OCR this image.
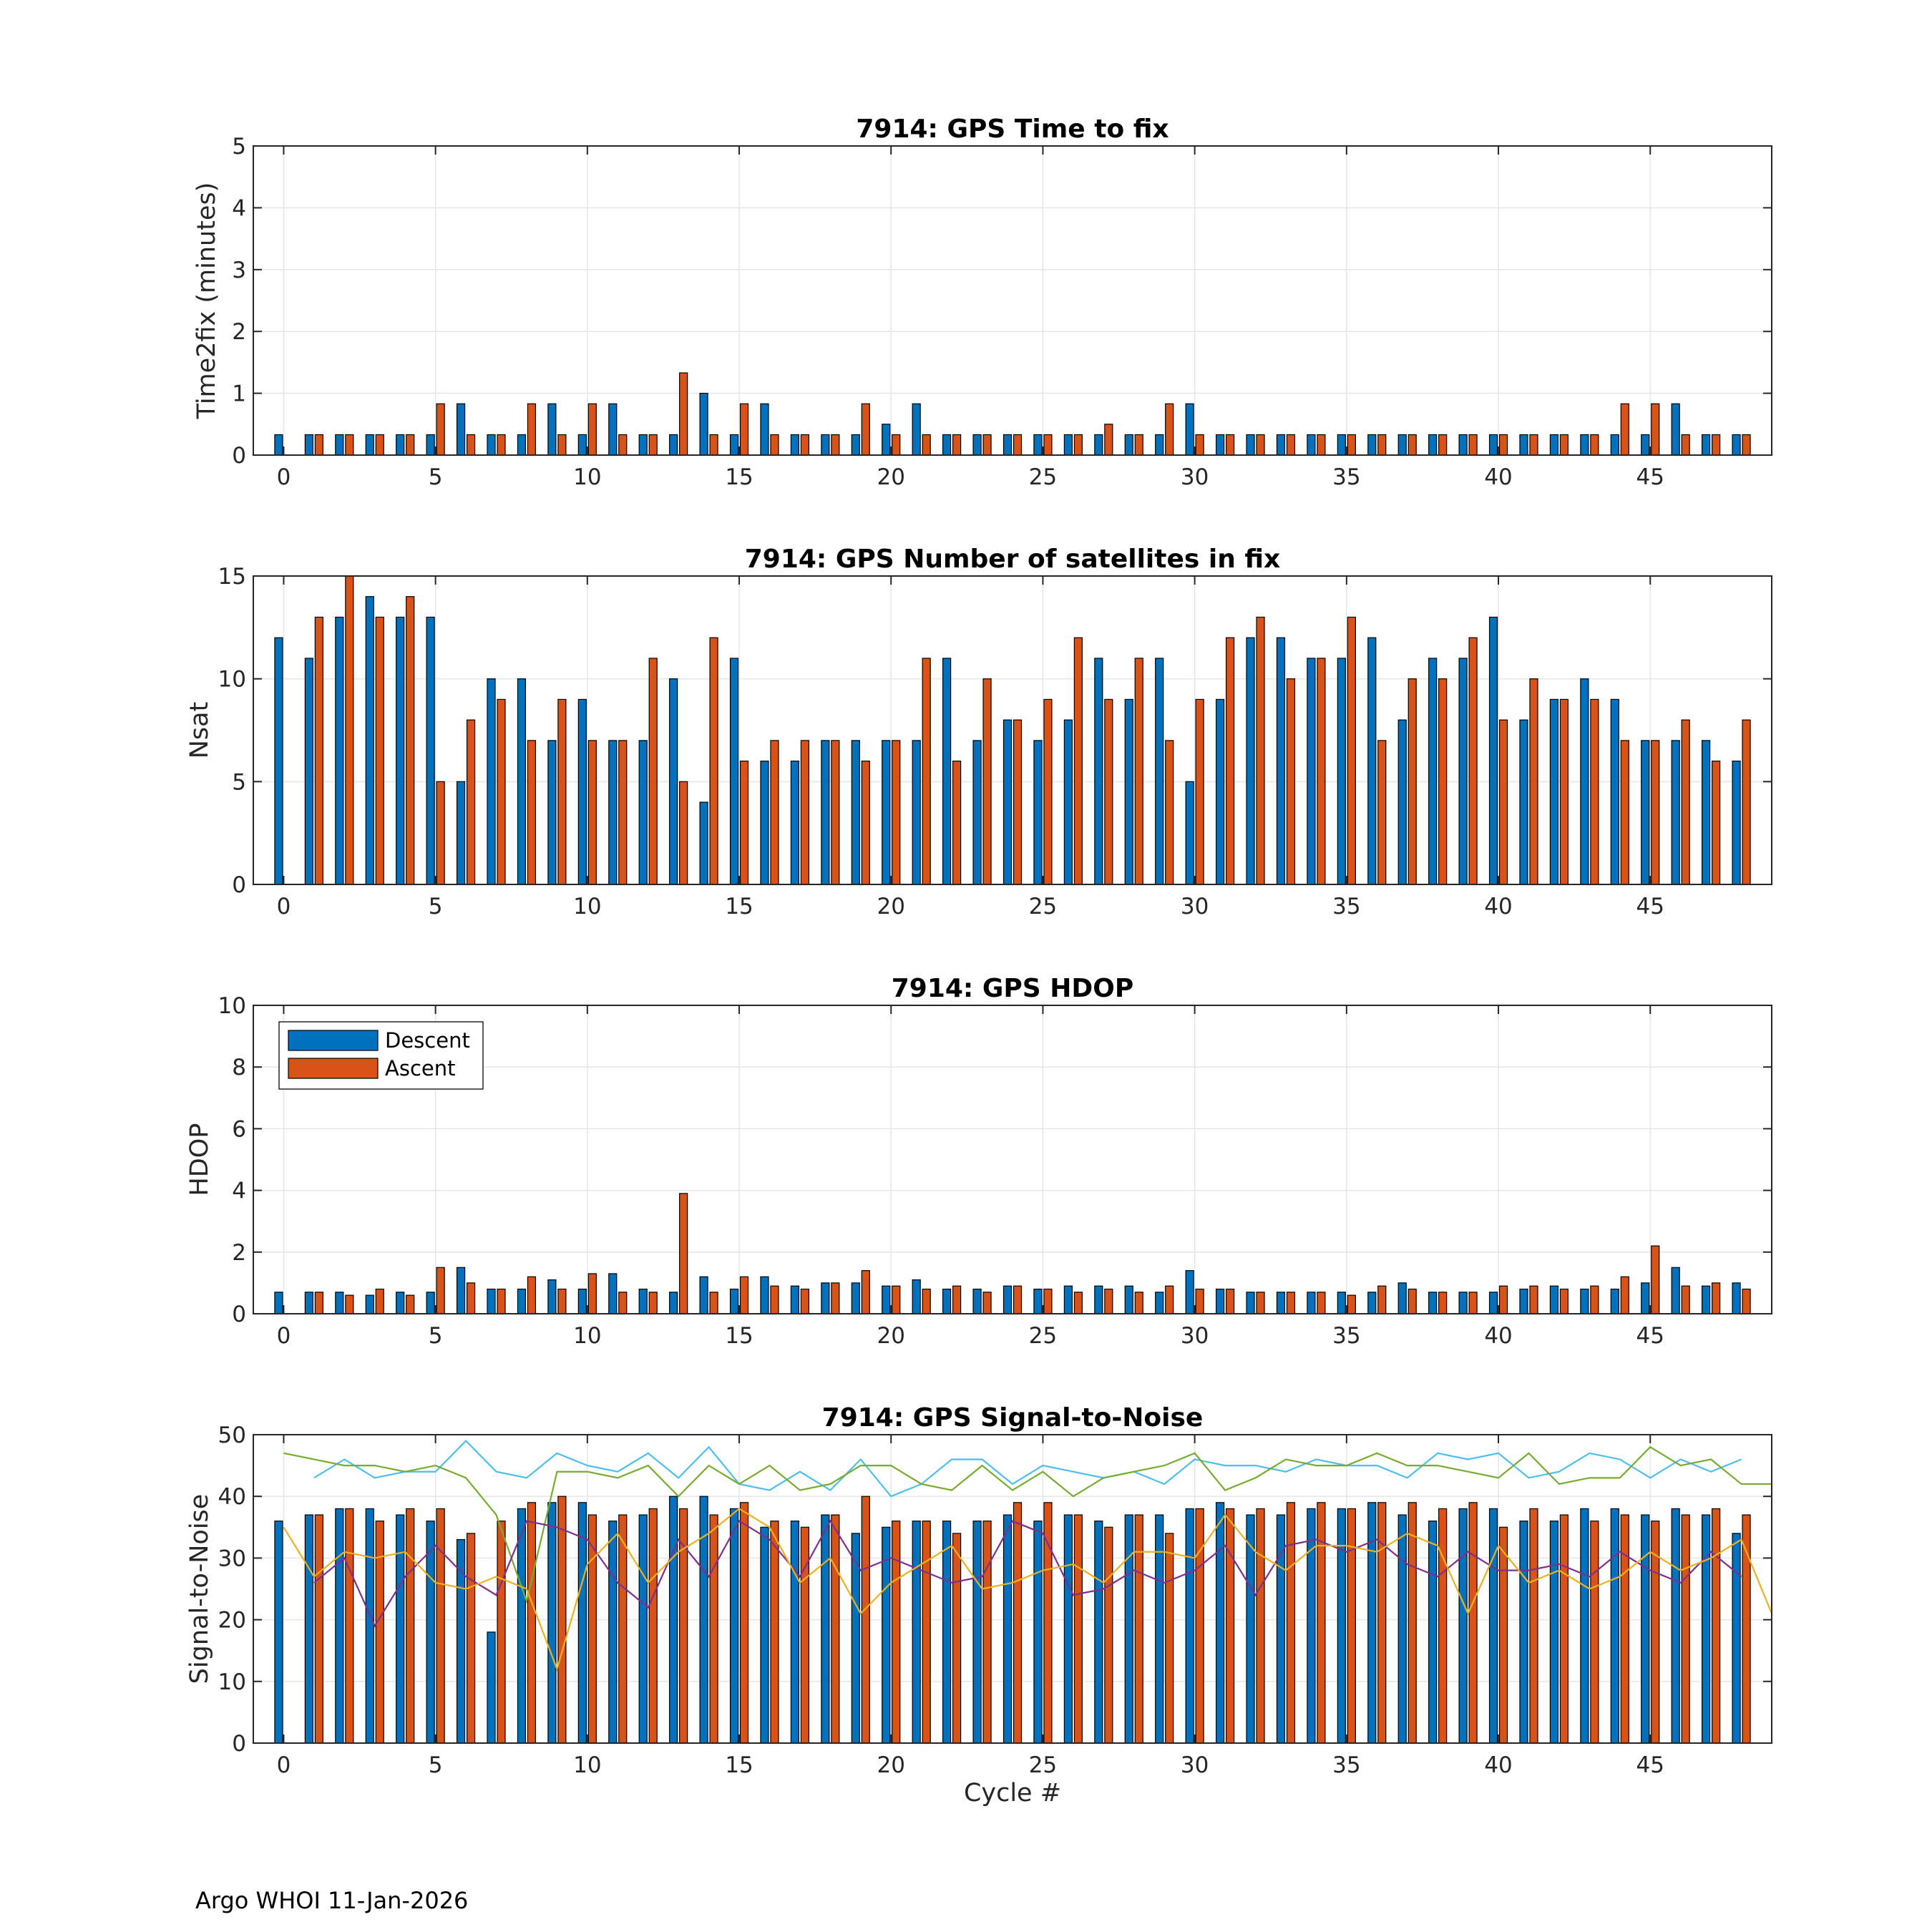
0	5	10	15	20	25	30	35	40	45
0
1
2
3
4
5
7914: GPS Time to fix
Time2fix (minutes)
0	5	10	15	20	25	30	35	40	45
0
5
10
15
7914: GPS Number of satellites in fix
Nsat
0	5	10	15	20	25	30	35	40	45
0
2
4
6
8
10
7914: GPS HDOP
HDOP
Descent
Ascent
0	5	10	15	20	25	30	35	40	45
0
10
20
30
40
50
7914: GPS Signal-to-Noise
Signal-to-Noise
Cycle #
Argo WHOI 11-Jan-2026
